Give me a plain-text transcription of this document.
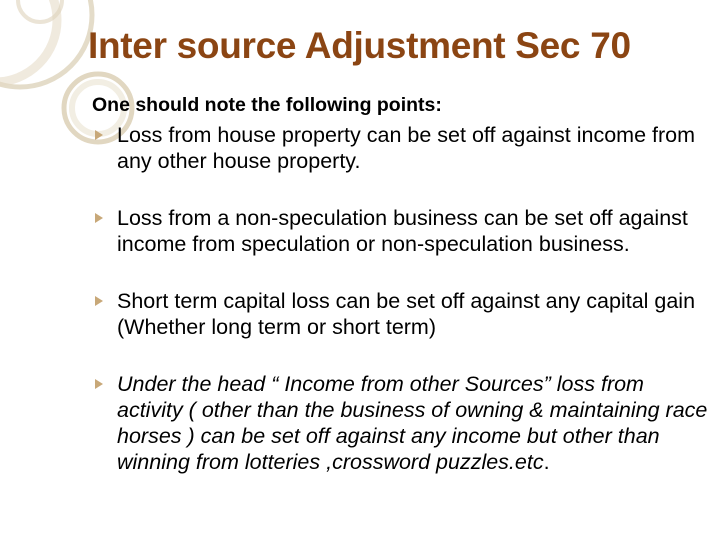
Inter source Adjustment Sec 70

One should note the following points:

Loss from house property can be set off against income from any other house property.
Loss from a non-speculation business can be set off against income from speculation or non-speculation business.
Short term capital loss can be set off against any capital gain (Whether long term or short term)
Under the head “ Income from other Sources” loss from activity ( other than the business of owning & maintaining race horses ) can be set off against any income but other than winning from lotteries ,crossword puzzles.etc.
